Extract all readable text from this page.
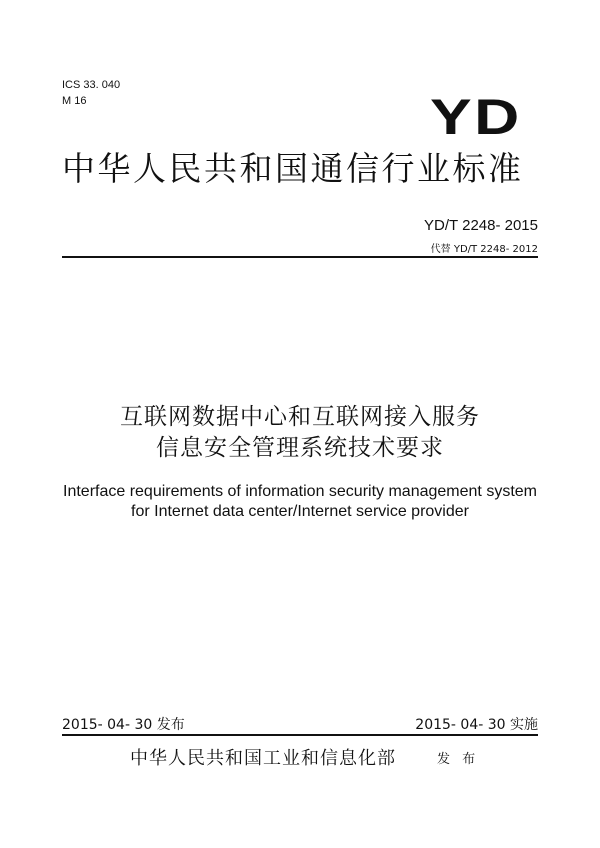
ICS 33. 040
M 16	YD
中华人民共和国通信行业标准
YD/T 2248- 2015
代替 YD/T 2248- 2012
互联网数据中心和互联网接入服务
信息安全管理系统技术要求
Interface requirements of information security management system
for Internet data center/Internet service provider
2015- 04- 30 发布	2015- 04- 30 实施
中华人民共和国工业和信息化部	发 布
